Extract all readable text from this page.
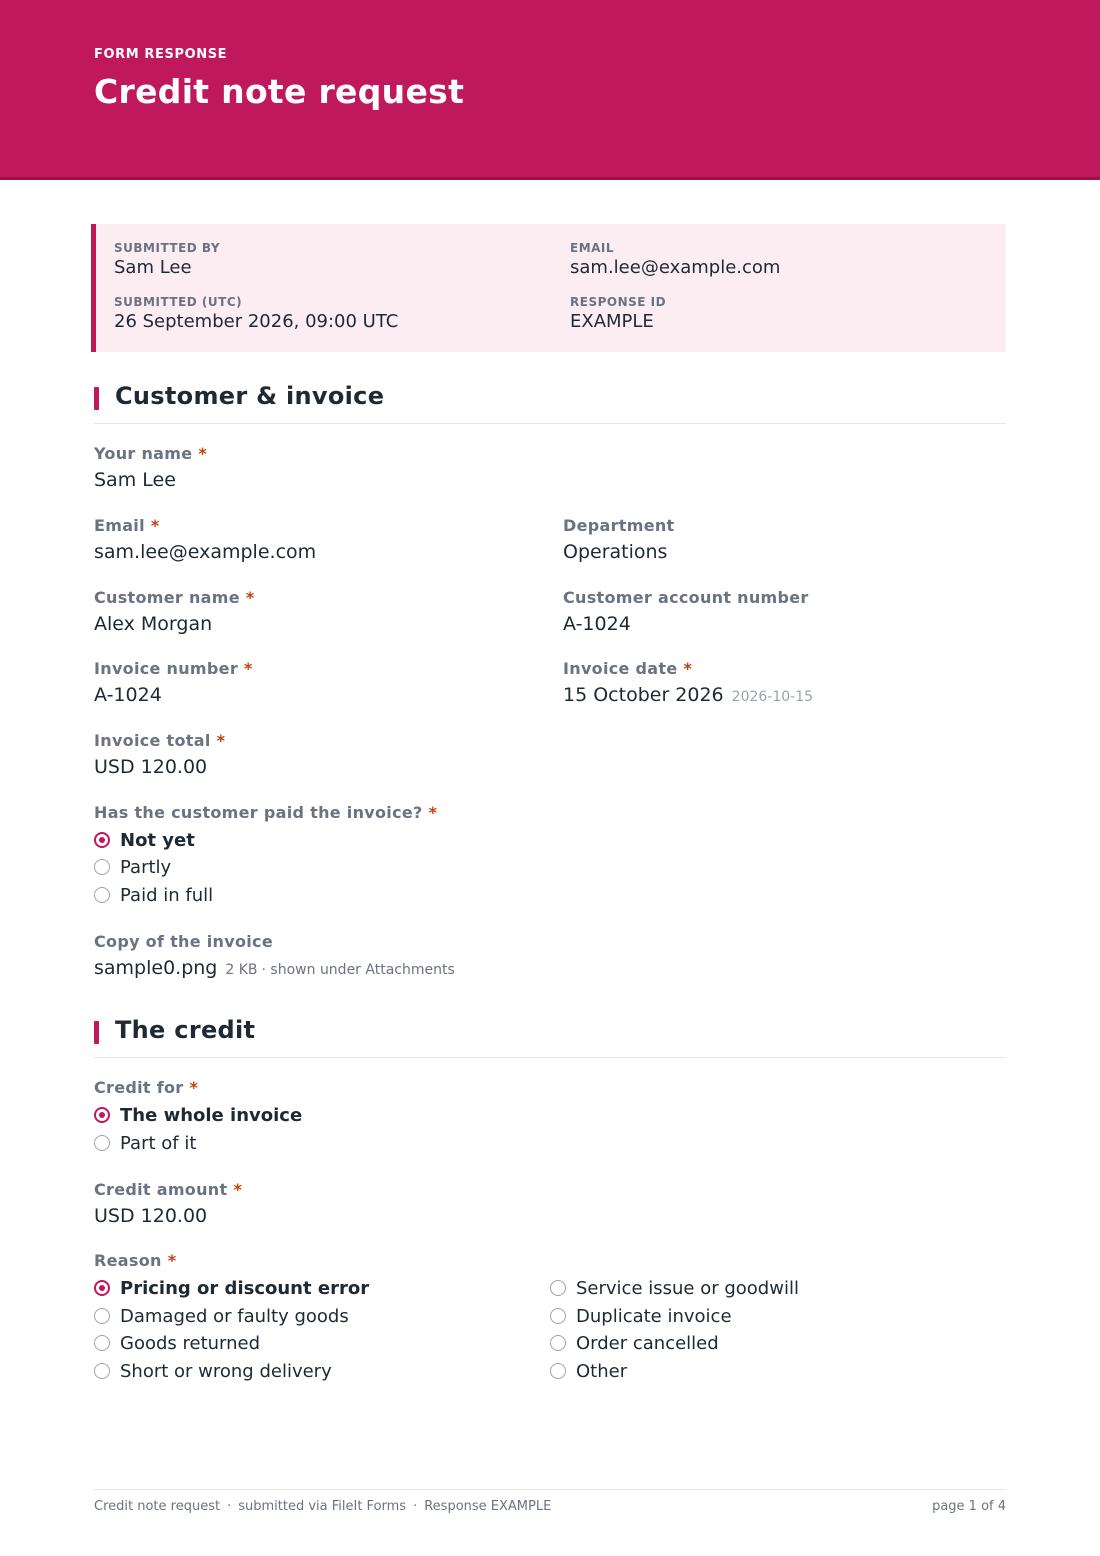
FORM RESPONSE
Credit note request
SUBMITTED BY
Sam Lee
EMAIL
sam.lee@example.com
SUBMITTED (UTC)
26 September 2026, 09:00 UTC
RESPONSE ID
EXAMPLE
Customer & invoice
Your name *
Sam Lee
Email *
sam.lee@example.com
Department
Operations
Customer name *
Alex Morgan
Customer account number
A-1024
Invoice number *
A-1024
Invoice date *
15 October 2026 2026-10-15
Invoice total *
USD 120.00
Has the customer paid the invoice? *
Not yet
Partly
Paid in full
Copy of the invoice
sample0.png 2 KB · shown under Attachments
The credit
Credit for *
The whole invoice
Part of it
Credit amount *
USD 120.00
Reason *
Pricing or discount error
Damaged or faulty goods
Goods returned
Short or wrong delivery
Service issue or goodwill
Duplicate invoice
Order cancelled
Other
Credit note request · submitted via FileIt Forms · Response EXAMPLE	page 1 of 4
